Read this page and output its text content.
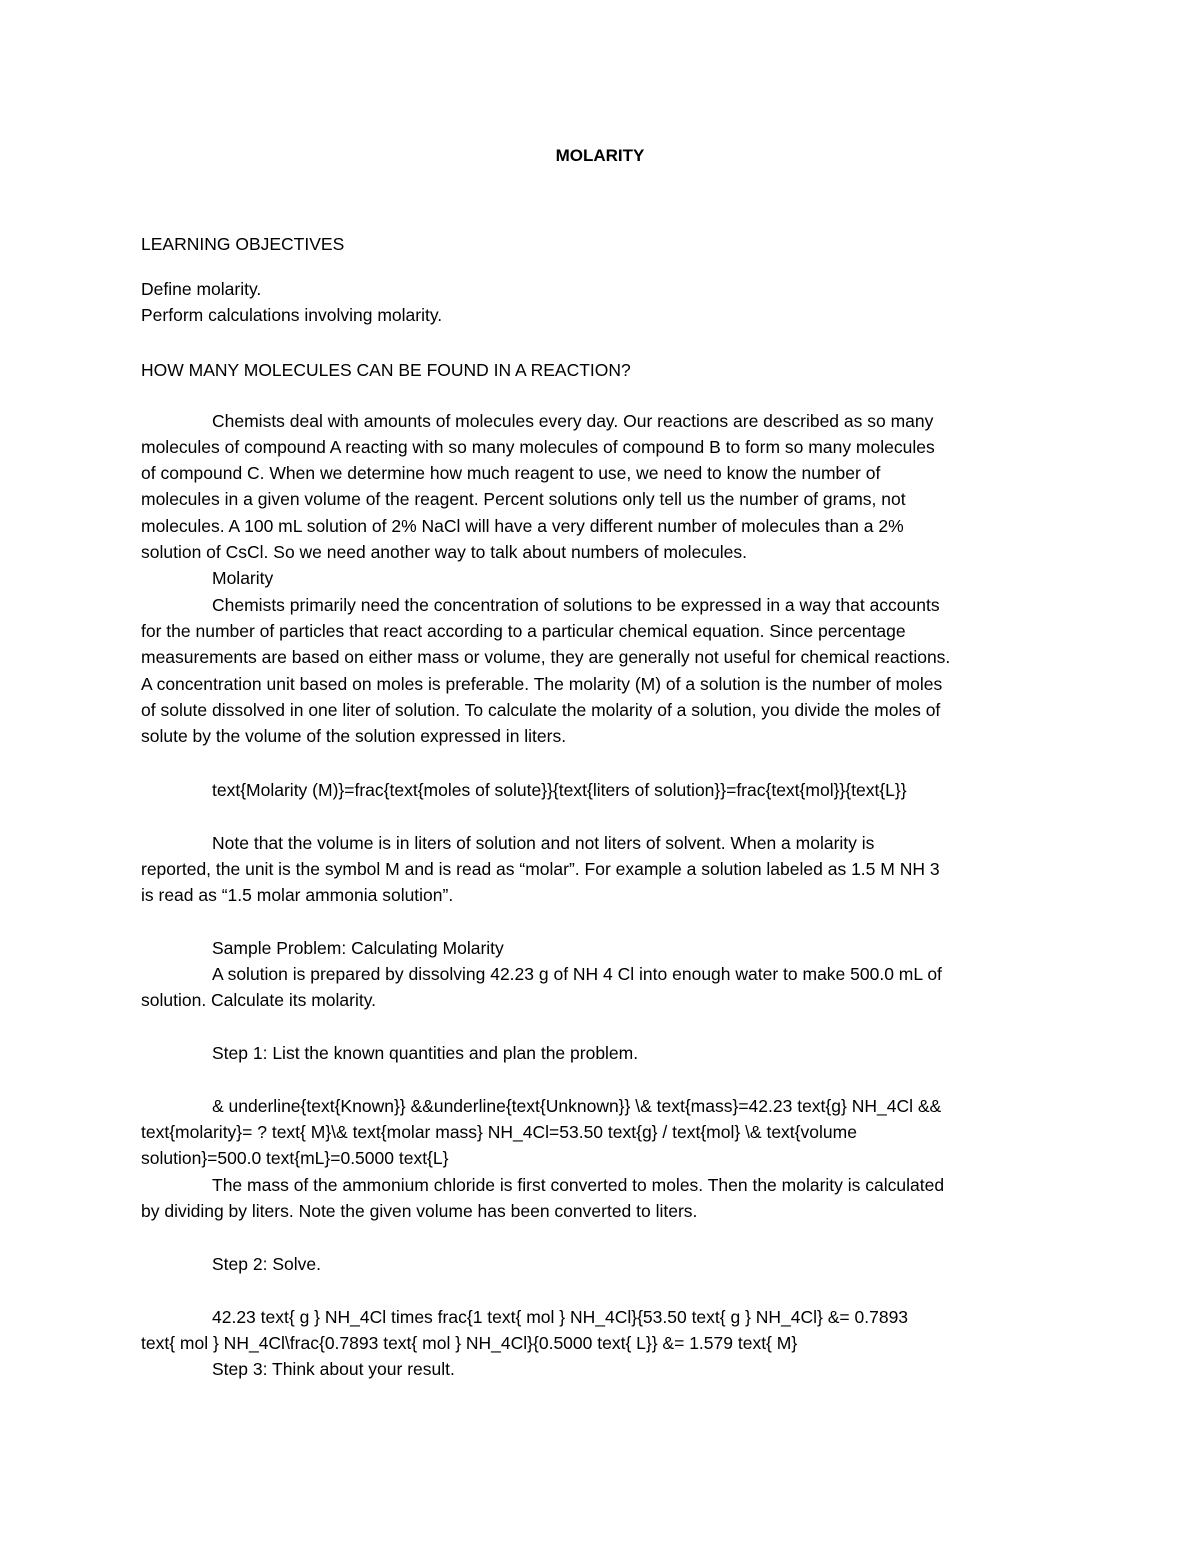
MOLARITY
LEARNING OBJECTIVES
Define molarity.
Perform calculations involving molarity.
HOW MANY MOLECULES CAN BE FOUND IN A REACTION?
Chemists deal with amounts of molecules every day. Our reactions are described as so many
molecules of compound A reacting with so many molecules of compound B to form so many molecules
of compound C. When we determine how much reagent to use, we need to know the number of
molecules in a given volume of the reagent. Percent solutions only tell us the number of grams, not
molecules. A 100 mL solution of 2% NaCl will have a very different number of molecules than a 2%
solution of CsCl. So we need another way to talk about numbers of molecules.
Molarity
Chemists primarily need the concentration of solutions to be expressed in a way that accounts
for the number of particles that react according to a particular chemical equation. Since percentage
measurements are based on either mass or volume, they are generally not useful for chemical reactions.
A concentration unit based on moles is preferable. The molarity (M) of a solution is the number of moles
of solute dissolved in one liter of solution. To calculate the molarity of a solution, you divide the moles of
solute by the volume of the solution expressed in liters.
text{Molarity (M)}=frac{text{moles of solute}}{text{liters of solution}}=frac{text{mol}}{text{L}}
Note that the volume is in liters of solution and not liters of solvent. When a molarity is
reported, the unit is the symbol M and is read as “molar”. For example a solution labeled as 1.5 M NH 3
is read as “1.5 molar ammonia solution”.
Sample Problem: Calculating Molarity
A solution is prepared by dissolving 42.23 g of NH 4 Cl into enough water to make 500.0 mL of
solution. Calculate its molarity.
Step 1: List the known quantities and plan the problem.
& underline{text{Known}} &&underline{text{Unknown}} \& text{mass}=42.23 text{g} NH_4Cl &&
text{molarity}= ? text{ M}\& text{molar mass} NH_4Cl=53.50 text{g} / text{mol} \& text{volume
solution}=500.0 text{mL}=0.5000 text{L}
The mass of the ammonium chloride is first converted to moles. Then the molarity is calculated
by dividing by liters. Note the given volume has been converted to liters.
Step 2: Solve.
42.23 text{ g } NH_4Cl times frac{1 text{ mol } NH_4Cl}{53.50 text{ g } NH_4Cl} &= 0.7893
text{ mol } NH_4Cl\frac{0.7893 text{ mol } NH_4Cl}{0.5000 text{ L}} &= 1.579 text{ M}
Step 3: Think about your result.
